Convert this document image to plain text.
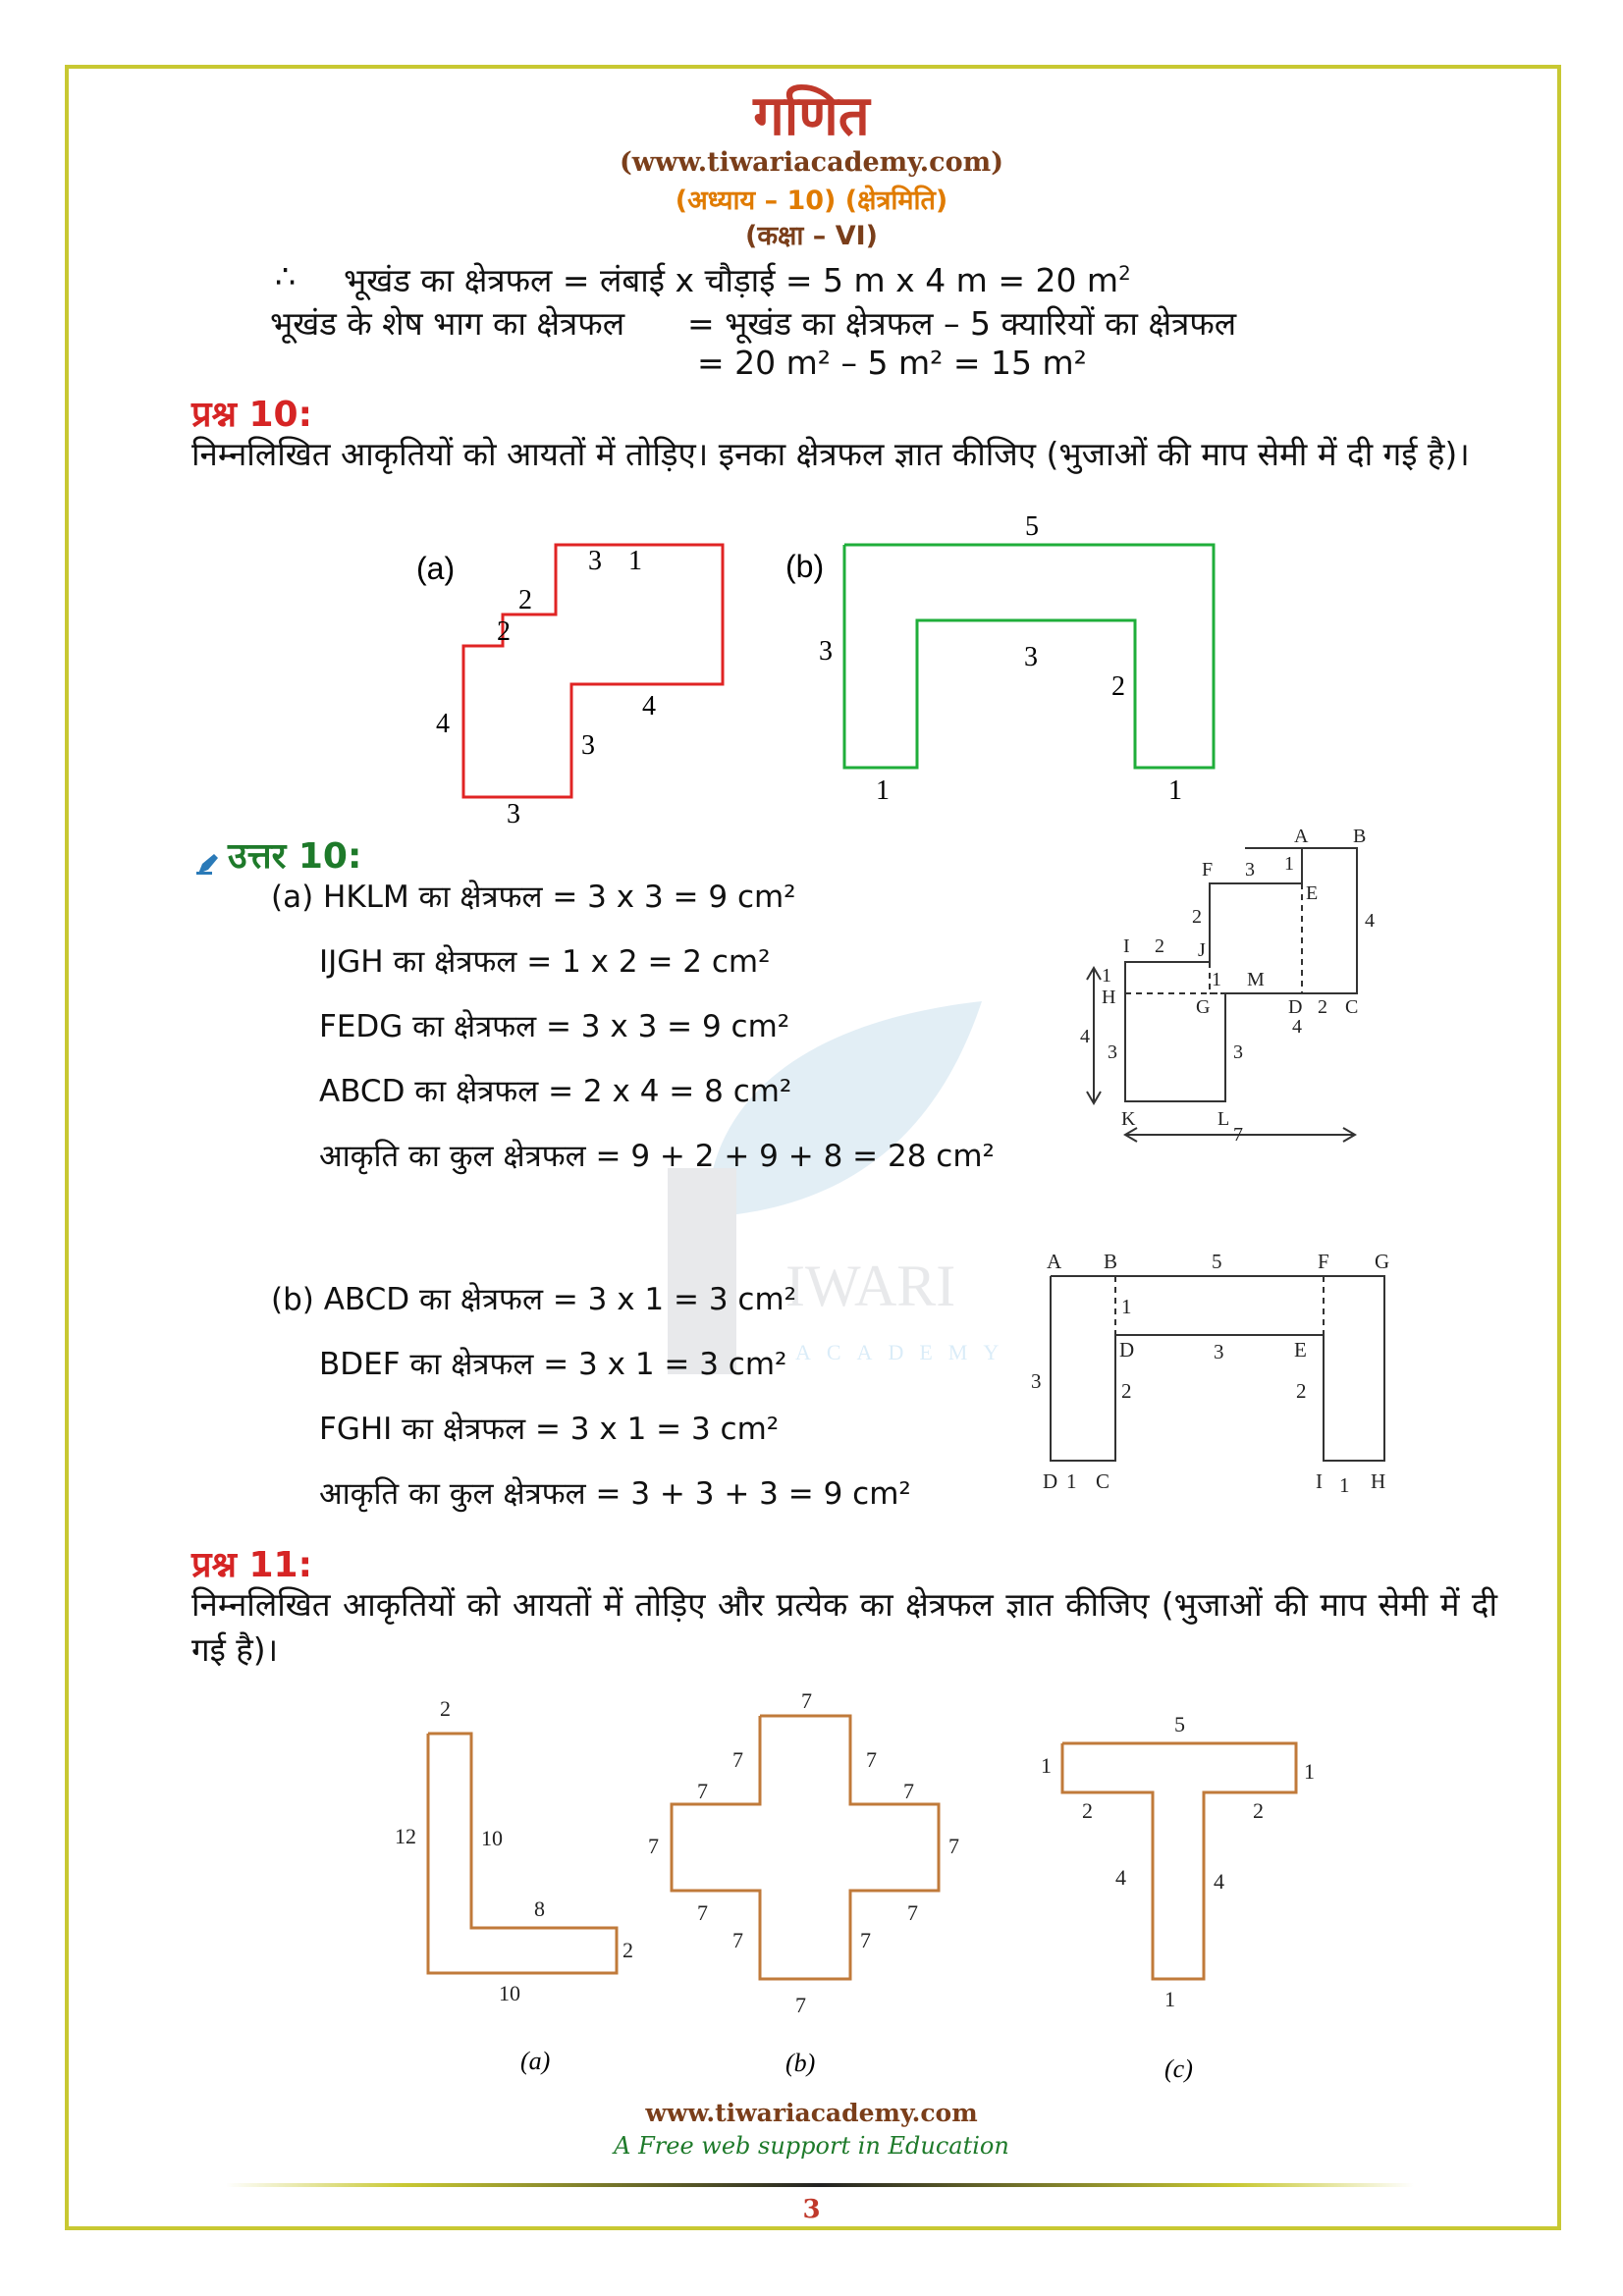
IWARI
ACADEMY
गणित
(www.tiwariacademy.com)
(अध्याय – 10) (क्षेत्रमिति)
(कक्षा – VI)
∴ भूखंड का क्षेत्रफल = लंबाई x चौड़ाई = 5 m x 4 m = 20 $m^2$
भूखंड के शेष भाग का क्षेत्रफल = भूखंड का क्षेत्रफल – 5 क्यारियों का क्षेत्रफल
= 20 m² – 5 m² = 15 m²
प्रश्न 10:
निम्नलिखित आकृतियों को आयतों में तोड़िए। इनका क्षेत्रफल ज्ञात कीजिए (भुजाओं की माप सेमी में दी गई है)।
(a)	3 1
2
2
4
4
3
3
(b)
5
3	3
2
1	1
उत्तर 10:
(a) HKLM का क्षेत्रफल = 3 x 3 = 9 cm²
IJGH का क्षेत्रफल = 1 x 2 = 2 cm²
FEDG का क्षेत्रफल = 3 x 3 = 9 cm²
ABCD का क्षेत्रफल = 2 x 4 = 8 cm²
आकृति का कुल क्षेत्रफल = 9 + 2 + 9 + 8 = 28 cm²
A B
F 3 1
E
2	4
I 2 J
1
H
1 M
G	D 2 C
4
4
3	3
K	L
7
(b) ABCD का क्षेत्रफल = 3 x 1 = 3 cm²
BDEF का क्षेत्रफल = 3 x 1 = 3 cm²
FGHI का क्षेत्रफल = 3 x 1 = 3 cm²
आकृति का कुल क्षेत्रफल = 3 + 3 + 3 = 9 cm²
A B	5	F G
1
D	3	E
3	2	2
D 1 C	I 1 H
प्रश्न 11:
निम्नलिखित आकृतियों को आयतों में तोड़िए और प्रत्येक का क्षेत्रफल ज्ञात कीजिए (भुजाओं की माप सेमी में दी गई है)।
2
12	10
8
2
10
(a)
7
7	7
7	7
7	7
7	7
7	7
7
(b)
5
1	1
2	2
4	4
1
(c)
www.tiwariacademy.com
A Free web support in Education
3
